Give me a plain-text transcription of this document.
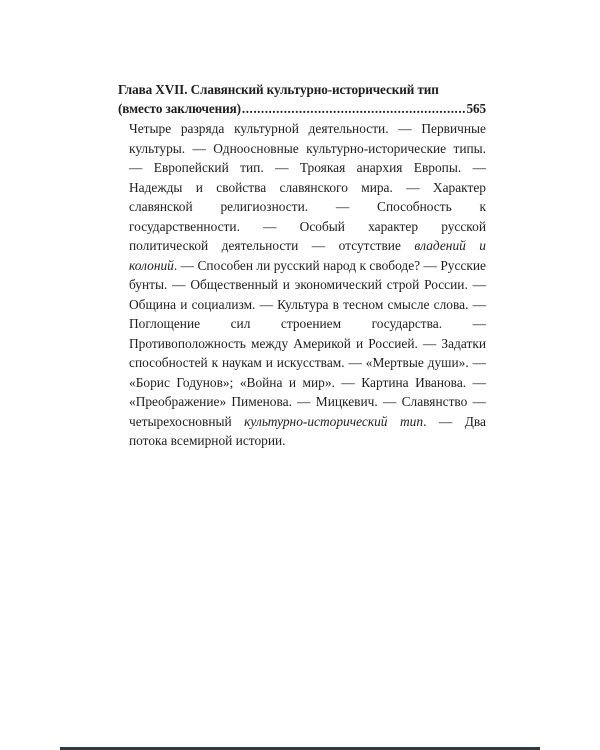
Глава XVII. Славянский культурно-исторический тип
(вместо заключения)
.....	565
Четыре разряда культурной деятельности. — Первичные культуры. — Одноосновные культурно-исторические типы. — Европейский тип. — Троякая анархия Европы. — Надежды и свойства славянского мира. — Характер славянской религиозности. — Способность к государственности. — Особый характер русской политической деятельности — отсутствие владений и колоний. — Способен ли русский народ к свободе? — Русские бунты. — Общественный и экономический строй России. — Община и социализм. — Культура в тесном смысле слова. — Поглощение сил строением государства. — Противоположность между Америкой и Россией. — Задатки способностей к наукам и искусствам. — «Мертвые души». — «Борис Годунов»; «Война и мир». — Картина Иванова. — «Преображение» Пименова. — Мицкевич. — Славянство — четырехосновный культурно-исторический тип. — Два потока всемирной истории.
